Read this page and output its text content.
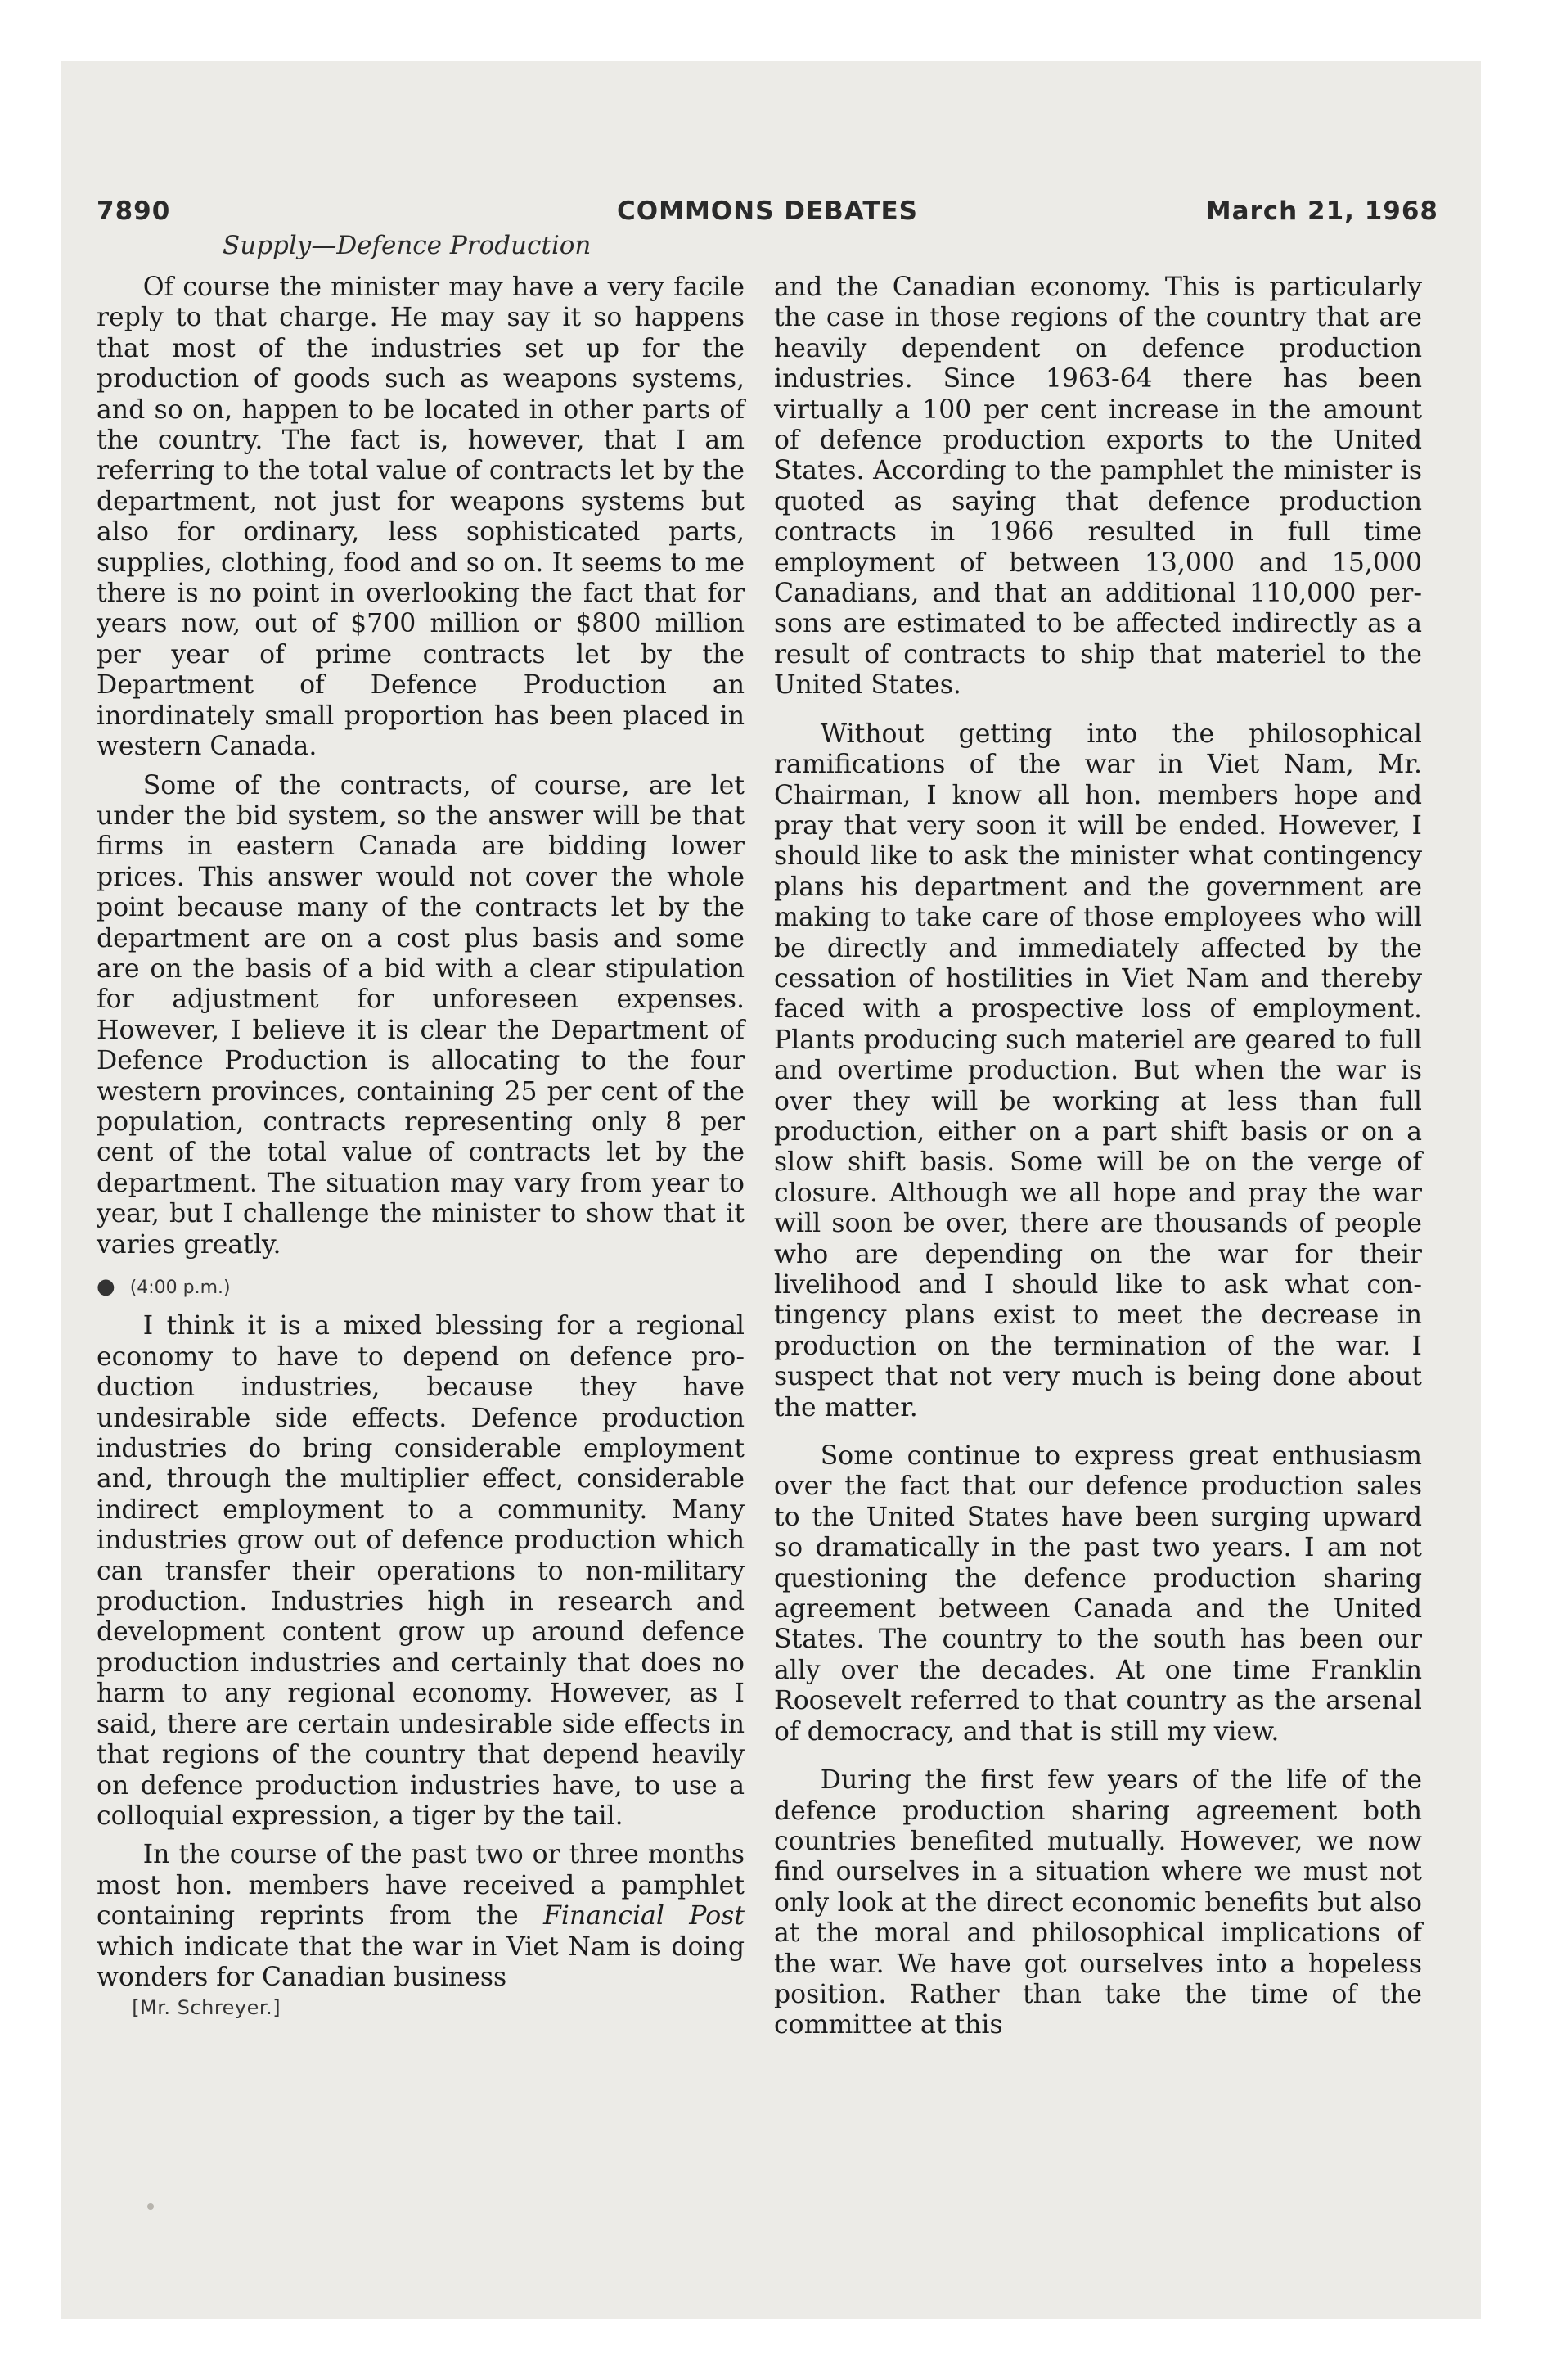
7890	COMMONS DEBATES	March 21, 1968
Supply—Defence Production

Of course the minister may have a very facile reply to that charge. He may say it so happens that most of the industries set up for the production of goods such as weapons systems, and so on, happen to be located in other parts of the country. The fact is, however, that I am referring to the total value of contracts let by the department, not just for weapons systems but also for ordinary, less sophisticated parts, supplies, clothing, food and so on. It seems to me there is no point in overlooking the fact that for years now, out of $700 million or $800 million per year of prime contracts let by the Department of Defence Production an inordinately small proportion has been placed in western Canada.

Some of the contracts, of course, are let under the bid system, so the answer will be that firms in eastern Canada are bidding lower prices. This answer would not cover the whole point because many of the contracts let by the department are on a cost plus basis and some are on the basis of a bid with a clear stipulation for adjustment for unforeseen expenses. However, I believe it is clear the Department of Defence Production is allocating to the four western provinces, containing 25 per cent of the population, contracts representing only 8 per cent of the total value of contracts let by the department. The situation may vary from year to year, but I challenge the minister to show that it varies greatly.

● (4:00 p.m.)

I think it is a mixed blessing for a regional economy to have to depend on defence production industries, because they have undesirable side effects. Defence production industries do bring considerable employment and, through the multiplier effect, considerable indirect employment to a community. Many industries grow out of defence production which can transfer their operations to non-military production. Industries high in research and development content grow up around defence production industries and certainly that does no harm to any regional economy. However, as I said, there are certain undesirable side effects in that regions of the country that depend heavily on defence production industries have, to use a colloquial expression, a tiger by the tail.

In the course of the past two or three months most hon. members have received a pamphlet containing reprints from the Financial Post which indicate that the war in Viet Nam is doing wonders for Canadian business

[Mr. Schreyer.]

and the Canadian economy. This is particularly the case in those regions of the country that are heavily dependent on defence production industries. Since 1963-64 there has been virtually a 100 per cent increase in the amount of defence production exports to the United States. According to the pamphlet the minister is quoted as saying that defence production contracts in 1966 resulted in full time employment of between 13,000 and 15,000 Canadians, and that an additional 110,000 persons are estimated to be affected indirectly as a result of contracts to ship that materiel to the United States.

Without getting into the philosophical ramifications of the war in Viet Nam, Mr. Chairman, I know all hon. members hope and pray that very soon it will be ended. However, I should like to ask the minister what contingency plans his department and the government are making to take care of those employees who will be directly and immediately affected by the cessation of hostilities in Viet Nam and thereby faced with a prospective loss of employment. Plants producing such materiel are geared to full and overtime production. But when the war is over they will be working at less than full production, either on a part shift basis or on a slow shift basis. Some will be on the verge of closure. Although we all hope and pray the war will soon be over, there are thousands of people who are depending on the war for their livelihood and I should like to ask what contingency plans exist to meet the decrease in production on the termination of the war. I suspect that not very much is being done about the matter.

Some continue to express great enthusiasm over the fact that our defence production sales to the United States have been surging upward so dramatically in the past two years. I am not questioning the defence production sharing agreement between Canada and the United States. The country to the south has been our ally over the decades. At one time Franklin Roosevelt referred to that country as the arsenal of democracy, and that is still my view.

During the first few years of the life of the defence production sharing agreement both countries benefited mutually. However, we now find ourselves in a situation where we must not only look at the direct economic benefits but also at the moral and philosophical implications of the war. We have got ourselves into a hopeless position. Rather than take the time of the committee at this
